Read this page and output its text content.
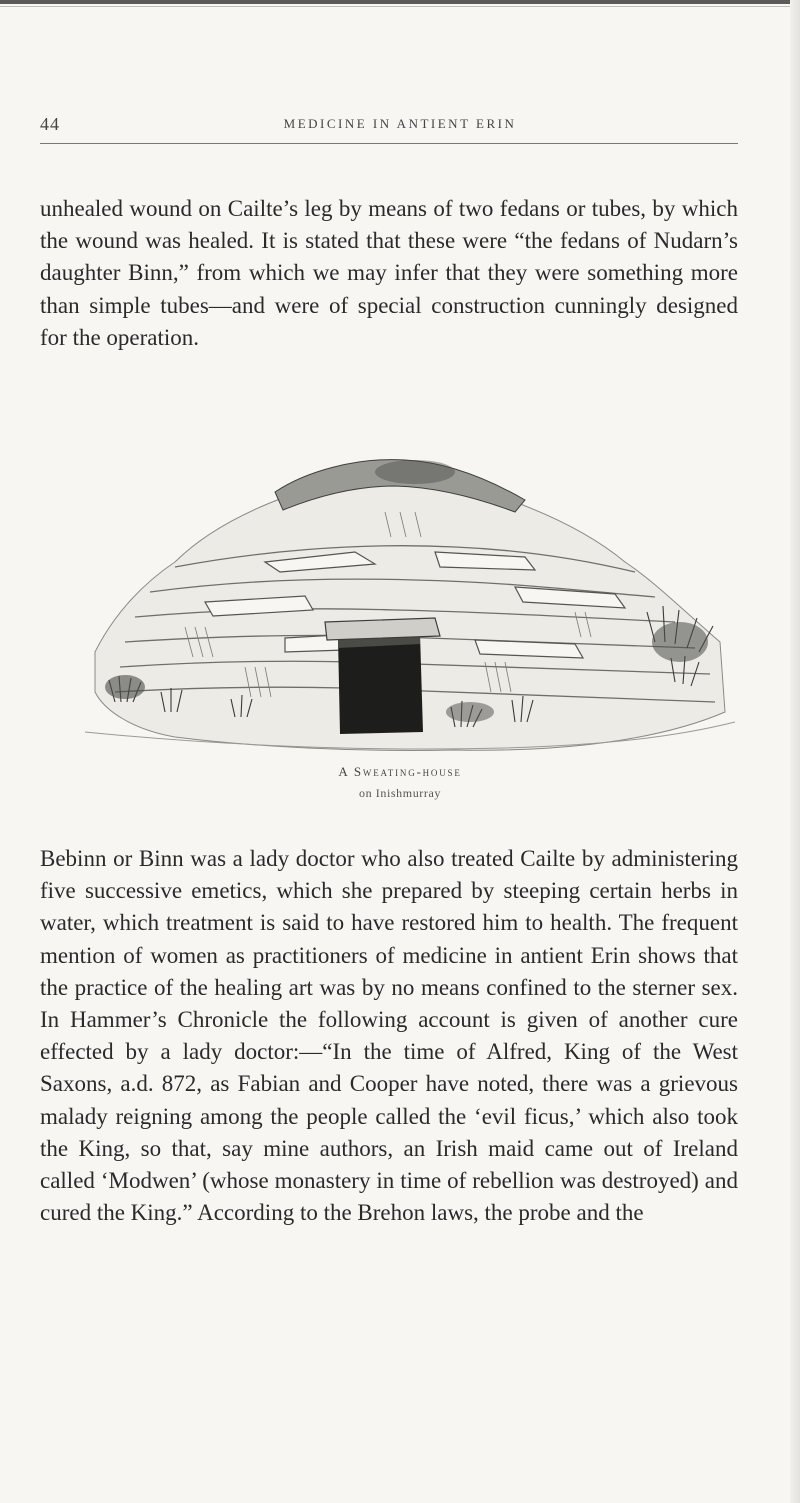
44	MEDICINE IN ANTIENT ERIN

unhealed wound on Cailte’s leg by means of two fedans or tubes, by which the wound was healed. It is stated that these were “the fedans of Nudarn’s daughter Binn,” from which we may infer that they were something more than simple tubes—and were of special construction cunningly designed for the operation.

A Sweating-house
on Inishmurray

Bebinn or Binn was a lady doctor who also treated Cailte by administering five successive emetics, which she prepared by steeping certain herbs in water, which treatment is said to have restored him to health. The frequent mention of women as practitioners of medicine in antient Erin shows that the practice of the healing art was by no means confined to the sterner sex. In Hammer’s Chronicle the following account is given of another cure effected by a lady doctor:—“In the time of Alfred, King of the West Saxons, a.d. 872, as Fabian and Cooper have noted, there was a grievous malady reigning among the people called the ‘evil ficus,’ which also took the King, so that, say mine authors, an Irish maid came out of Ireland called ‘Modwen’ (whose monastery in time of rebellion was destroyed) and cured the King.” According to the Brehon laws, the probe and the
